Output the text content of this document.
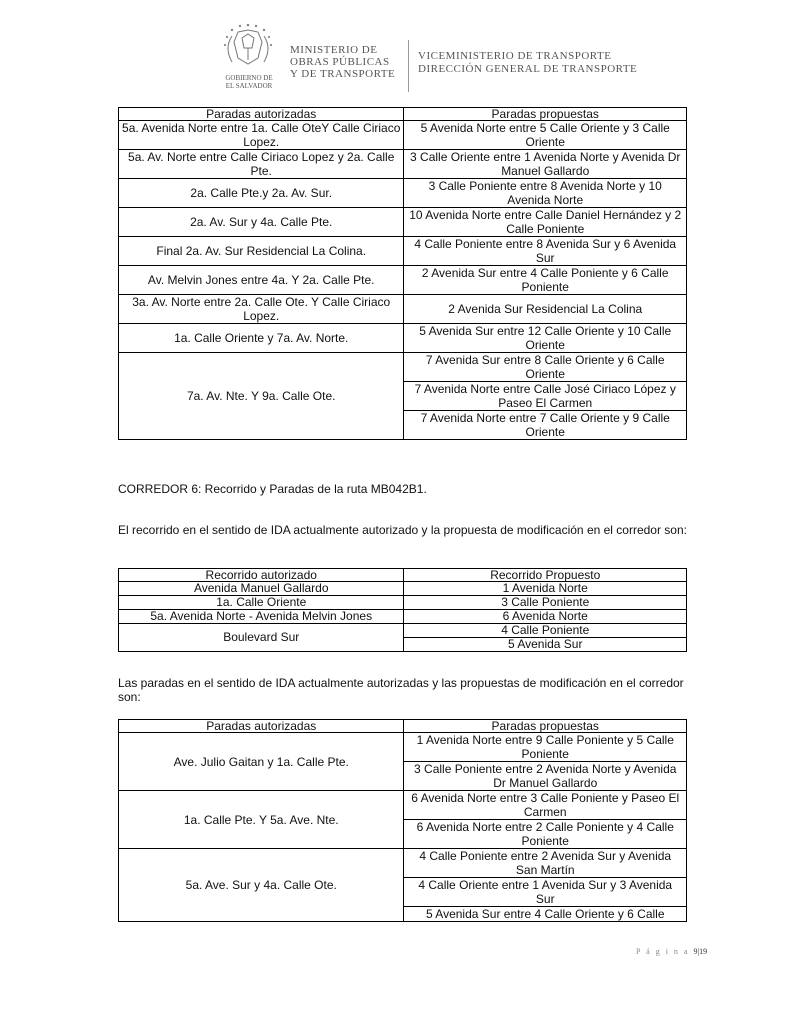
GOBIERNO DE
EL SALVADOR
MINISTERIO DE
OBRAS PÚBLICAS
Y DE TRANSPORTE
VICEMINISTERIO DE TRANSPORTE
DIRECCIÓN GENERAL DE TRANSPORTE
Paradas autorizadas	Paradas propuestas
5a. Avenida Norte entre 1a. Calle OteY Calle Ciriaco Lopez.	5 Avenida Norte entre 5 Calle Oriente y 3 Calle Oriente
5a. Av. Norte entre Calle Ciriaco Lopez y 2a. Calle Pte.	3 Calle Oriente entre 1 Avenida Norte y Avenida Dr Manuel Gallardo
2a. Calle Pte.y 2a. Av. Sur.	3 Calle Poniente entre 8 Avenida Norte y 10 Avenida Norte
2a. Av. Sur y 4a. Calle Pte.	10 Avenida Norte entre Calle Daniel Hernández y 2 Calle Poniente
Final 2a. Av. Sur Residencial La Colina.	4 Calle Poniente entre 8 Avenida Sur y 6 Avenida Sur
Av. Melvin Jones entre 4a. Y 2a. Calle Pte.	2 Avenida Sur entre 4 Calle Poniente y 6 Calle Poniente
3a. Av. Norte entre 2a. Calle Ote. Y Calle Ciriaco Lopez.	2 Avenida Sur Residencial La Colina
1a. Calle Oriente y 7a. Av. Norte.	5 Avenida Sur entre 12 Calle Oriente y 10 Calle Oriente
7a. Av. Nte. Y 9a. Calle Ote.	7 Avenida Sur entre 8 Calle Oriente y 6 Calle Oriente
	7 Avenida Norte entre Calle José Ciriaco López y Paseo El Carmen
	7 Avenida Norte entre 7 Calle Oriente y 9 Calle Oriente
CORREDOR 6: Recorrido y Paradas de la ruta MB042B1.
El recorrido en el sentido de IDA actualmente autorizado y la propuesta de modificación en el corredor son:
Recorrido autorizado	Recorrido Propuesto
Avenida Manuel Gallardo	1 Avenida Norte
1a. Calle Oriente	3 Calle Poniente
5a. Avenida Norte - Avenida Melvin Jones	6 Avenida Norte
Boulevard Sur	4 Calle Poniente
	5 Avenida Sur
Las paradas en el sentido de IDA actualmente autorizadas y las propuestas de modificación en el corredor son:
Paradas autorizadas	Paradas propuestas
Ave. Julio Gaitan y 1a. Calle Pte.	1 Avenida Norte entre 9 Calle Poniente y 5 Calle Poniente
	3 Calle Poniente entre 2 Avenida Norte y Avenida Dr Manuel Gallardo
1a. Calle Pte. Y 5a. Ave. Nte.	6 Avenida Norte entre 3 Calle Poniente y Paseo El Carmen
	6 Avenida Norte entre 2 Calle Poniente y 4 Calle Poniente
5a. Ave. Sur y 4a. Calle Ote.	4 Calle Poniente entre 2 Avenida Sur y Avenida San Martín
	4 Calle Oriente entre 1 Avenida Sur y 3 Avenida Sur
	5 Avenida Sur entre 4 Calle Oriente y 6 Calle
P á g i n a 9|19
